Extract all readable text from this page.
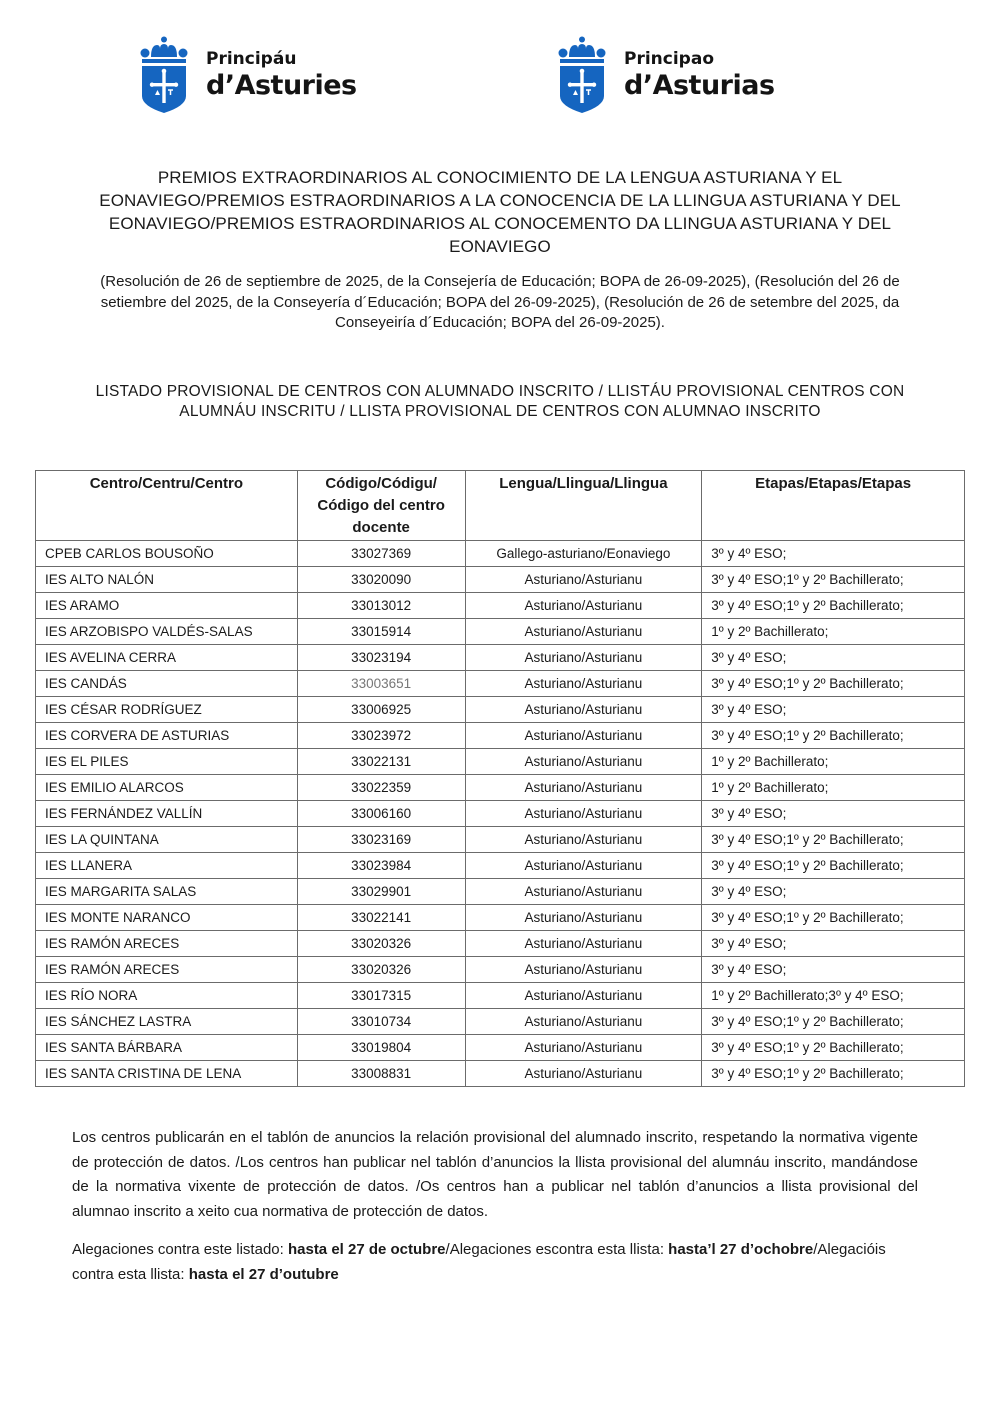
Principáu
d’Asturies
Principao
d’Asturias
PREMIOS EXTRAORDINARIOS AL CONOCIMIENTO DE LA LENGUA ASTURIANA Y EL EONAVIEGO/PREMIOS ESTRAORDINARIOS A LA CONOCENCIA DE LA LLINGUA ASTURIANA Y DEL EONAVIEGO/PREMIOS ESTRAORDINARIOS AL CONOCEMENTO DA LLINGUA ASTURIANA Y DEL EONAVIEGO
(Resolución de 26 de septiembre de 2025, de la Consejería de Educación; BOPA de 26-09-2025), (Resolución del 26 de setiembre del 2025, de la Conseyería d´Educación; BOPA del 26-09-2025), (Resolución de 26 de setembre del 2025, da Conseyeiría d´Educación; BOPA del 26-09-2025).
LISTADO PROVISIONAL DE CENTROS CON ALUMNADO INSCRITO / LLISTÁU PROVISIONAL CENTROS CON ALUMNÁU INSCRITU / LLISTA PROVISIONAL DE CENTROS CON ALUMNAO INSCRITO
Centro/Centru/Centro	Código/Códigu/ Código del centro docente	Lengua/Llingua/Llingua	Etapas/Etapas/Etapas
CPEB CARLOS BOUSOÑO	33027369	Gallego-asturiano/Eonaviego	3º y 4º ESO;
IES ALTO NALÓN	33020090	Asturiano/Asturianu	3º y 4º ESO;1º y 2º Bachillerato;
IES ARAMO	33013012	Asturiano/Asturianu	3º y 4º ESO;1º y 2º Bachillerato;
IES ARZOBISPO VALDÉS-SALAS	33015914	Asturiano/Asturianu	1º y 2º Bachillerato;
IES AVELINA CERRA	33023194	Asturiano/Asturianu	3º y 4º ESO;
IES CANDÁS	33003651	Asturiano/Asturianu	3º y 4º ESO;1º y 2º Bachillerato;
IES CÉSAR RODRÍGUEZ	33006925	Asturiano/Asturianu	3º y 4º ESO;
IES CORVERA DE ASTURIAS	33023972	Asturiano/Asturianu	3º y 4º ESO;1º y 2º Bachillerato;
IES EL PILES	33022131	Asturiano/Asturianu	1º y 2º Bachillerato;
IES EMILIO ALARCOS	33022359	Asturiano/Asturianu	1º y 2º Bachillerato;
IES FERNÁNDEZ VALLÍN	33006160	Asturiano/Asturianu	3º y 4º ESO;
IES LA QUINTANA	33023169	Asturiano/Asturianu	3º y 4º ESO;1º y 2º Bachillerato;
IES LLANERA	33023984	Asturiano/Asturianu	3º y 4º ESO;1º y 2º Bachillerato;
IES MARGARITA SALAS	33029901	Asturiano/Asturianu	3º y 4º ESO;
IES MONTE NARANCO	33022141	Asturiano/Asturianu	3º y 4º ESO;1º y 2º Bachillerato;
IES RAMÓN ARECES	33020326	Asturiano/Asturianu	3º y 4º ESO;
IES RAMÓN ARECES	33020326	Asturiano/Asturianu	3º y 4º ESO;
IES RÍO NORA	33017315	Asturiano/Asturianu	1º y 2º Bachillerato;3º y 4º ESO;
IES SÁNCHEZ LASTRA	33010734	Asturiano/Asturianu	3º y 4º ESO;1º y 2º Bachillerato;
IES SANTA BÁRBARA	33019804	Asturiano/Asturianu	3º y 4º ESO;1º y 2º Bachillerato;
IES SANTA CRISTINA DE LENA	33008831	Asturiano/Asturianu	3º y 4º ESO;1º y 2º Bachillerato;
Los centros publicarán en el tablón de anuncios la relación provisional del alumnado inscrito, respetando la normativa vigente de protección de datos. /Los centros han publicar nel tablón d’anuncios la llista provisional del alumnáu inscrito, mandándose de la normativa vixente de protección de datos. /Os centros han a publicar nel tablón d’anuncios a llista provisional del alumnao inscrito a xeito cua normativa de protección de datos.
Alegaciones contra este listado: hasta el 27 de octubre/Alegaciones escontra esta llista: hasta’l 27 d’ochobre/Alegacióis contra esta llista: hasta el 27 d’outubre
